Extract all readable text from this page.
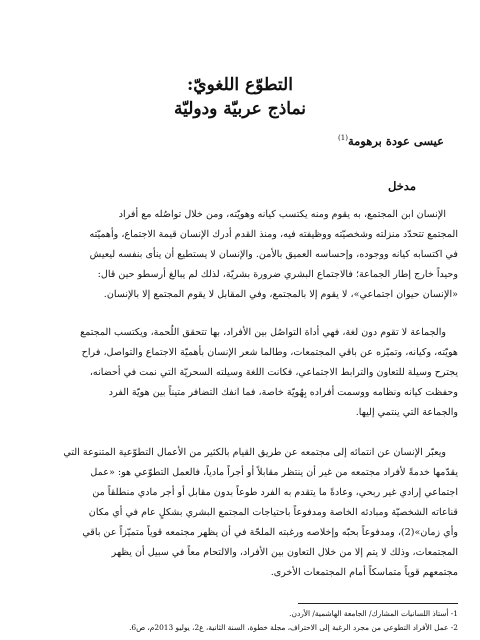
التطوّع اللغويّ:
نماذج عربيّة ودوليّة
عيسى عودة برهومة$^{(1)}$
مدخل

الإنسان ابن المجتمع، به يقوم ومنه يكتسب كيانه وهويّته، ومن خلال تواصُله مع أفراد
المجتمع تتحدّد منزلته وشخصيّته ووظيفته فيه، ومنذ القدم أدرك الإنسان قيمة الاجتماع، وأهميّته
في اكتسابه كيانه ووجوده، وإحساسه العميق بالأمن. والإنسان لا يستطيع أن ينأى بنفسه ليعيش
وحيداً خارج إطار الجماعة؛ فالاجتماع البشري ضرورة بشريّة، لذلك لم يبالغ أرسطو حين قال:
«الإنسان حيوان اجتماعي»، لا يقوم إلا بالمجتمع، وفي المقابل لا يقوم المجتمع إلا بالإنسان.

والجماعة لا تقوم دون لغة، فهي أداة التواصُل بين الأفراد، بها تتحقق اللُحمة، ويكتسب المجتمع
هويّته، وكيانه، وتميّزه عن باقي المجتمعات، وطالما شعر الإنسان بأهميّة الاجتماع والتواصل، فراح
يجترح وسيلة للتعاون والترابط الاجتماعي، فكانت اللغة وسيلته السحريّة التي نمت في أحضانه،
وحفظت كيانه ونظامه ووسمت أفراده بِهُويّة خاصة، فما انفك التضافر متيناً بين هويّة الفرد
والجماعة التي ينتمي إليها.

ويعبّر الإنسان عن انتمائه إلى مجتمعه عن طريق القيام بالكثير من الأعمال التطوّعية المتنوعة التي
يقدّمها خدمةً لأفراد مجتمعه من غير أن ينتظر مقابلاً أو أجراً مادياً، فالعمل التطوّعي هو: «عمل
اجتماعي إرادي غير ربحي، وعادةً ما يتقدم به الفرد طوعاً بدون مقابل أو أجر مادي منطلقاً من
قناعاته الشخصيّة ومبادئه الخاصة ومدفوعاً باحتياجات المجتمع البشري بشكلٍ عام في أي مكان
وأي زمان»(2)، ومدفوعاً بحبّه وإخلاصه ورغبته الملحّة في أن يظهر مجتمعه قوياً متميّزاً عن باقي
المجتمعات، وذلك لا يتم إلا من خلال التعاون بين الأفراد، والالتحام معاً في سبيل أن يظهر
مجتمعهم قوياً متماسكاً أمام المجتمعات الأخرى.

1- أستاذ اللسانيات المشارك/ الجامعة الهاشمية/ الأردن.
2- عمل الأفراد التطوعي من مجرد الرغبة إلى الاحتراف، مجلة خطوة، السنة الثانية، ع2، يوليو 2013م، ص6.
